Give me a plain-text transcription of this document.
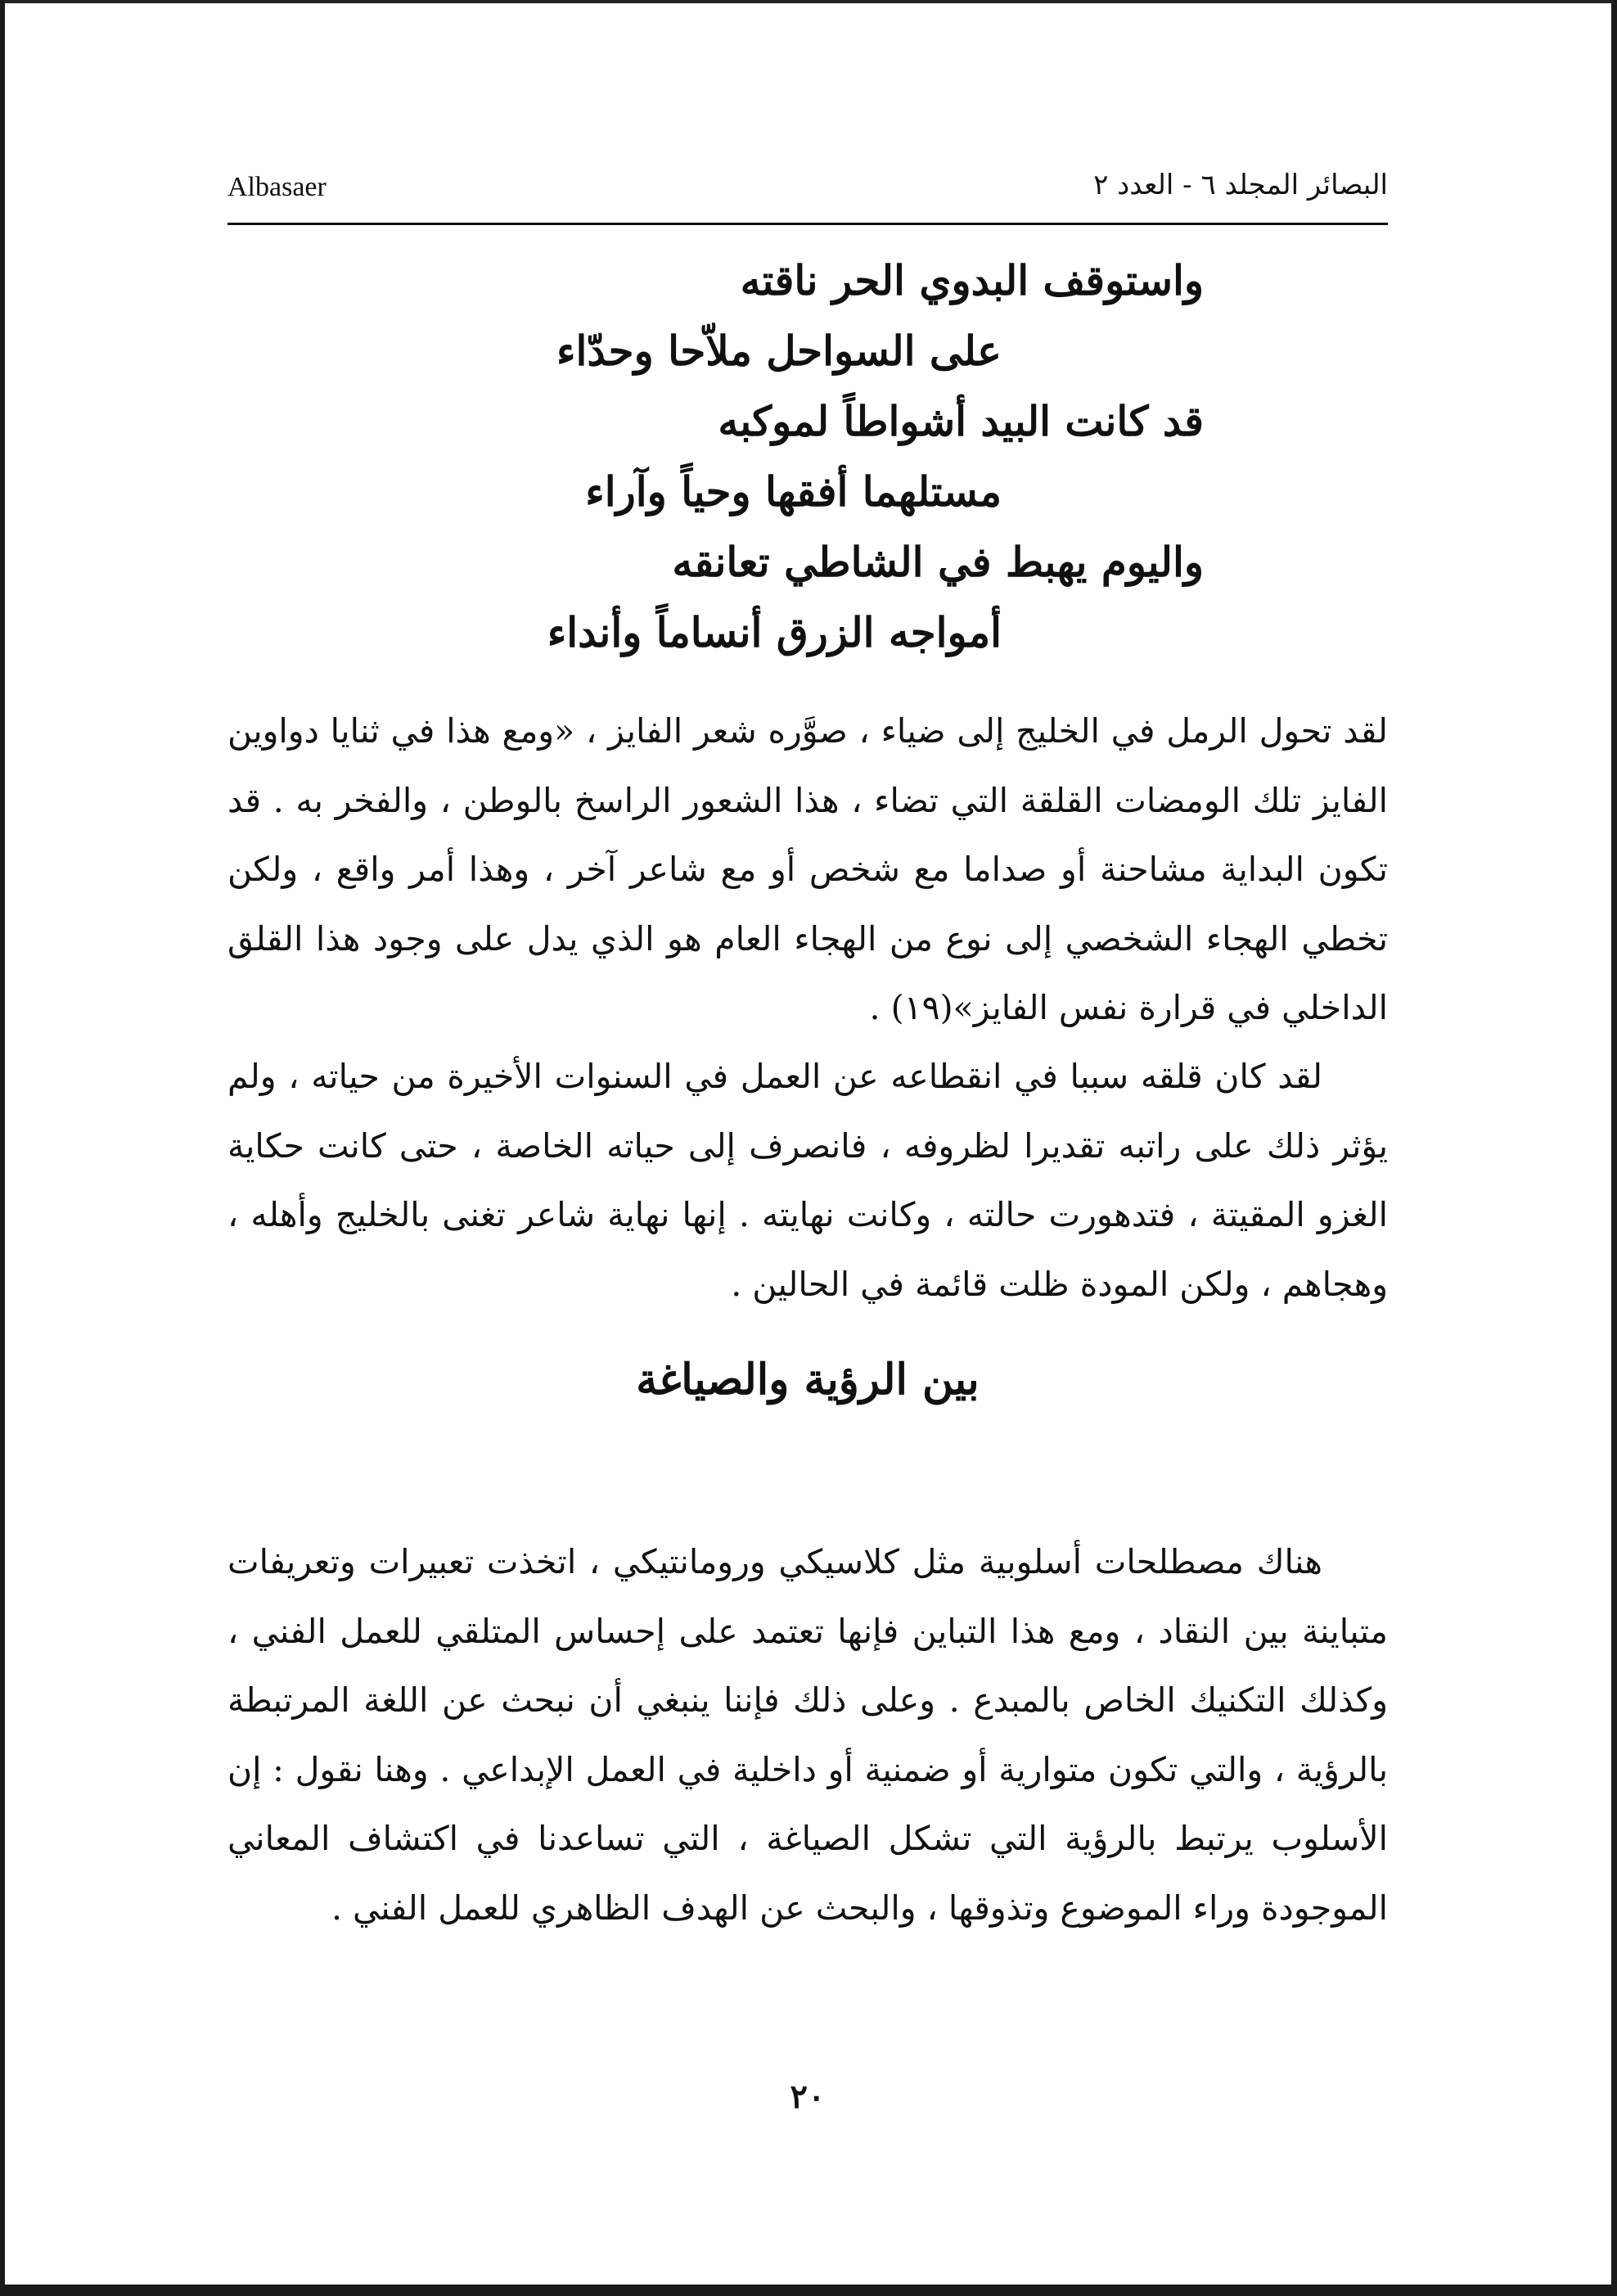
Albasaer	البصائر المجلد ٦ - العدد ٢
واستوقف البدوي الحر ناقته
على السواحل ملاّحا وحدّاء
قد كانت البيد أشواطاً لموكبه
مستلهما أفقها وحياً وآراء
واليوم يهبط في الشاطي تعانقه
أمواجه الزرق أنساماً وأنداء

لقد تحول الرمل في الخليج إلى ضياء ، صوَّره شعر الفايز ، «ومع هذا في ثنايا دواوين الفايز تلك الومضات القلقة التي تضاء ، هذا الشعور الراسخ بالوطن ، والفخر به . قد تكون البداية مشاحنة أو صداما مع شخص أو مع شاعر آخر ، وهذا أمر واقع ، ولكن تخطي الهجاء الشخصي إلى نوع من الهجاء العام هو الذي يدل على وجود هذا القلق الداخلي في قرارة نفس الفايز»(١٩) .

لقد كان قلقه سببا في انقطاعه عن العمل في السنوات الأخيرة من حياته ، ولم يؤثر ذلك على راتبه تقديرا لظروفه ، فانصرف إلى حياته الخاصة ، حتى كانت حكاية الغزو المقيتة ، فتدهورت حالته ، وكانت نهايته . إنها نهاية شاعر تغنى بالخليج وأهله ، وهجاهم ، ولكن المودة ظلت قائمة في الحالين .

بين الرؤية والصياغة

هناك مصطلحات أسلوبية مثل كلاسيكي ورومانتيكي ، اتخذت تعبيرات وتعريفات متباينة بين النقاد ، ومع هذا التباين فإنها تعتمد على إحساس المتلقي للعمل الفني ، وكذلك التكنيك الخاص بالمبدع . وعلى ذلك فإننا ينبغي أن نبحث عن اللغة المرتبطة بالرؤية ، والتي تكون متوارية أو ضمنية أو داخلية في العمل الإبداعي . وهنا نقول : إن الأسلوب يرتبط بالرؤية التي تشكل الصياغة ، التي تساعدنا في اكتشاف المعاني الموجودة وراء الموضوع وتذوقها ، والبحث عن الهدف الظاهري للعمل الفني .

٢٠
